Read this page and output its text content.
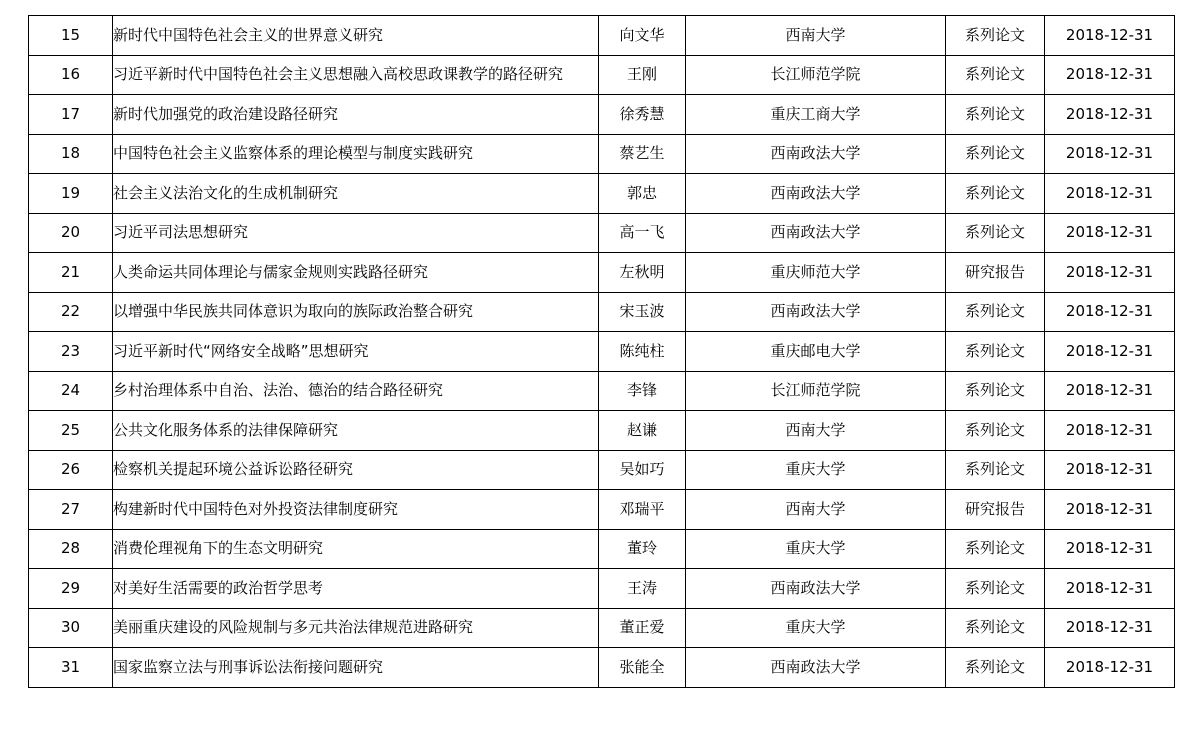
15	新时代中国特色社会主义的世界意义研究	向文华	西南大学	系列论文	2018-12-31
16	习近平新时代中国特色社会主义思想融入高校思政课教学的路径研究	王刚	长江师范学院	系列论文	2018-12-31
17	新时代加强党的政治建设路径研究	徐秀慧	重庆工商大学	系列论文	2018-12-31
18	中国特色社会主义监察体系的理论模型与制度实践研究	蔡艺生	西南政法大学	系列论文	2018-12-31
19	社会主义法治文化的生成机制研究	郭忠	西南政法大学	系列论文	2018-12-31
20	习近平司法思想研究	高一飞	西南政法大学	系列论文	2018-12-31
21	人类命运共同体理论与儒家金规则实践路径研究	左秋明	重庆师范大学	研究报告	2018-12-31
22	以增强中华民族共同体意识为取向的族际政治整合研究	宋玉波	西南政法大学	系列论文	2018-12-31
23	习近平新时代“网络安全战略”思想研究	陈纯柱	重庆邮电大学	系列论文	2018-12-31
24	乡村治理体系中自治、法治、德治的结合路径研究	李锋	长江师范学院	系列论文	2018-12-31
25	公共文化服务体系的法律保障研究	赵谦	西南大学	系列论文	2018-12-31
26	检察机关提起环境公益诉讼路径研究	吴如巧	重庆大学	系列论文	2018-12-31
27	构建新时代中国特色对外投资法律制度研究	邓瑞平	西南大学	研究报告	2018-12-31
28	消费伦理视角下的生态文明研究	董玲	重庆大学	系列论文	2018-12-31
29	对美好生活需要的政治哲学思考	王涛	西南政法大学	系列论文	2018-12-31
30	美丽重庆建设的风险规制与多元共治法律规范进路研究	董正爱	重庆大学	系列论文	2018-12-31
31	国家监察立法与刑事诉讼法衔接问题研究	张能全	西南政法大学	系列论文	2018-12-31
